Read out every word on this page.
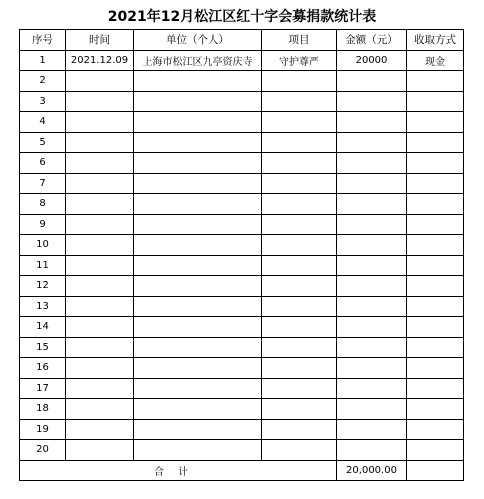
2021年12月松江区红十字会募捐款统计表
序号	时间	单位（个人）	项目	金额（元）	收取方式
1	2021.12.09	上海市松江区九亭资庆寺	守护尊严	20000	现金
2					
3					
4					
5					
6					
7					
8					
9					
10					
11					
12					
13					
14					
15					
16					
17					
18					
19					
20					
合计				20,000.00	
